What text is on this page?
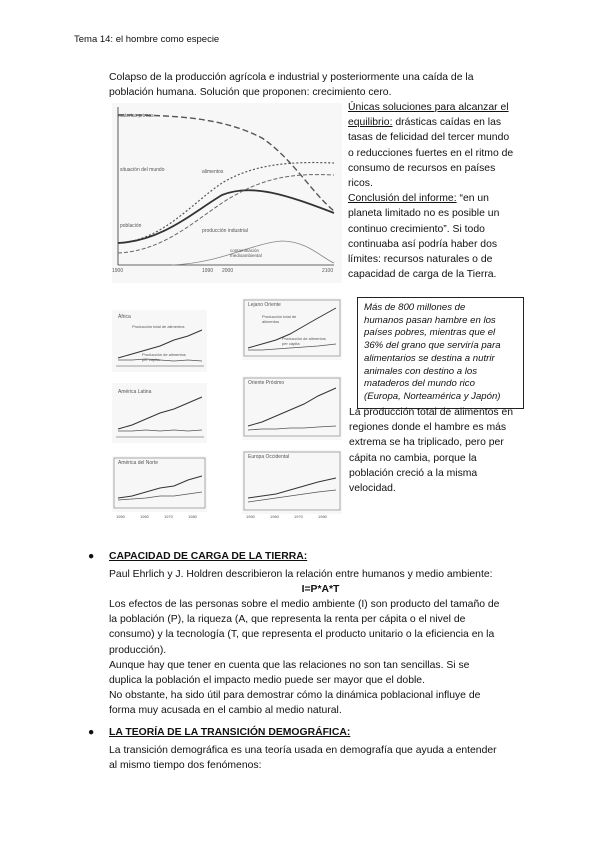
Tema 14: el hombre como especie
Colapso de la producción agrícola e industrial y posteriormente una caída de la
población humana. Solución que proponen: crecimiento cero.
materias primas
situación del mundo	alimentos
población
producción industrial
contaminación medioambiental
1900	1990 2000	2100
Únicas soluciones para alcanzar el
equilibrio: drásticas caídas en las
tasas de felicidad del tercer mundo
o reducciones fuertes en el ritmo de
consumo de recursos en países
ricos.
Conclusión del informe: “en un
planeta limitado no es posible un
continuo crecimiento”. Si todo
continuaba así podría haber dos
límites: recursos naturales o de
capacidad de carga de la Tierra.
África
Producción total de alimentos
Producción de alimentos per cápita
Lejano Oriente
Producción total de alimentos
Producción de alimentos per cápita
América Latina
Oriente Próximo
América del Norte
Europa Occidental
1950	1960	1970	1980	1950	1960	1970	1980
Más de 800 millones de
humanos pasan hambre en los
países pobres, mientras que el
36% del grano que serviría para
alimentarios se destina a nutrir
animales con destino a los
mataderos del mundo rico
(Europa, Norteamérica y Japón)
La producción total de alimentos en
regiones donde el hambre es más
extrema se ha triplicado, pero per
cápita no cambia, porque la
población creció a la misma
velocidad.
● CAPACIDAD DE CARGA DE LA TIERRA:
Paul Ehrlich y J. Holdren describieron la relación entre humanos y medio ambiente:
I=P*A*T
Los efectos de las personas sobre el medio ambiente (I) son producto del tamaño de
la población (P), la riqueza (A, que representa la renta per cápita o el nivel de
consumo) y la tecnología (T, que representa el producto unitario o la eficiencia en la
producción).
Aunque hay que tener en cuenta que las relaciones no son tan sencillas. Si se
duplica la población el impacto medio puede ser mayor que el doble.
No obstante, ha sido útil para demostrar cómo la dinámica poblacional influye de
forma muy acusada en el cambio al medio natural.
● LA TEORÍA DE LA TRANSICIÓN DEMOGRÁFICA:
La transición demográfica es una teoría usada en demografía que ayuda a entender
al mismo tiempo dos fenómenos:
